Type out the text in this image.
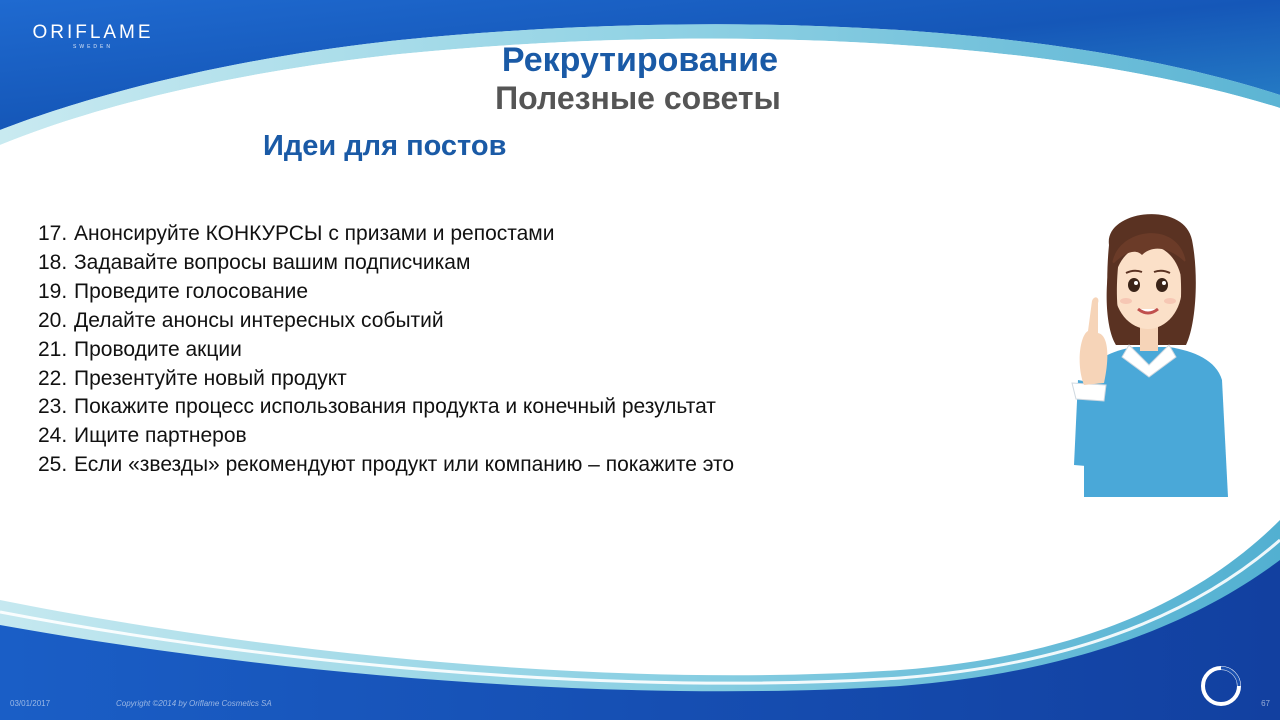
ORIFLAME
SWEDEN	Рекрутирование
Полезные советы
Идеи для постов
17. Анонсируйте КОНКУРСЫ с призами и репостами
18. Задавайте вопросы вашим подписчикам
19. Проведите голосование
20. Делайте анонсы интересных событий
21. Проводите акции
22. Презентуйте новый продукт
23. Покажите процесс использования продукта и конечный результат
24. Ищите партнеров
25. Если «звезды» рекомендуют продукт или компанию – покажите это
03/01/2017	Copyright ©2014 by Oriflame Cosmetics SA	67
